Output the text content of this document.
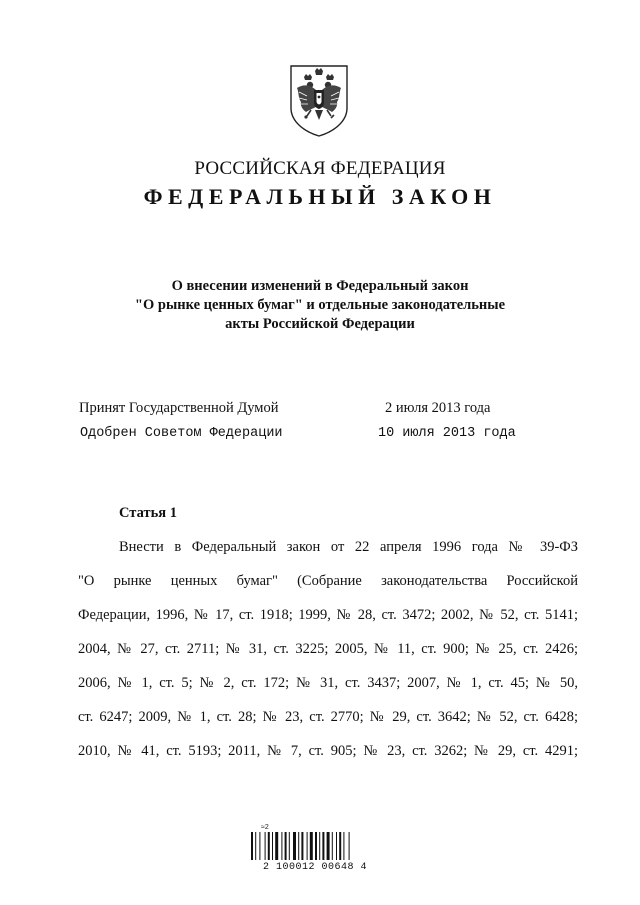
РОССИЙСКАЯ ФЕДЕРАЦИЯ
ФЕДЕРАЛЬНЫЙ ЗАКОН
О внесении изменений в Федеральный закон
"О рынке ценных бумаг" и отдельные законодательные
акты Российской Федерации
Принят Государственной Думой	2 июля 2013 года
Одобрен Советом Федерации	10 июля 2013 года
Статья 1
Внести в Федеральный закон от 22 апреля 1996 года № 39-ФЗ
"О рынке ценных бумаг" (Собрание законодательства Российской
Федерации, 1996, № 17, ст. 1918; 1999, № 28, ст. 3472; 2002, № 52, ст. 5141;
2004, № 27, ст. 2711; № 31, ст. 3225; 2005, № 11, ст. 900; № 25, ст. 2426;
2006, № 1, ст. 5; № 2, ст. 172; № 31, ст. 3437; 2007, № 1, ст. 45; № 50,
ст. 6247; 2009, № 1, ст. 28; № 23, ст. 2770; № 29, ст. 3642; № 52, ст. 6428;
2010, № 41, ст. 5193; 2011, № 7, ст. 905; № 23, ст. 3262; № 29, ст. 4291;
≈2
2 100012 00648 4
